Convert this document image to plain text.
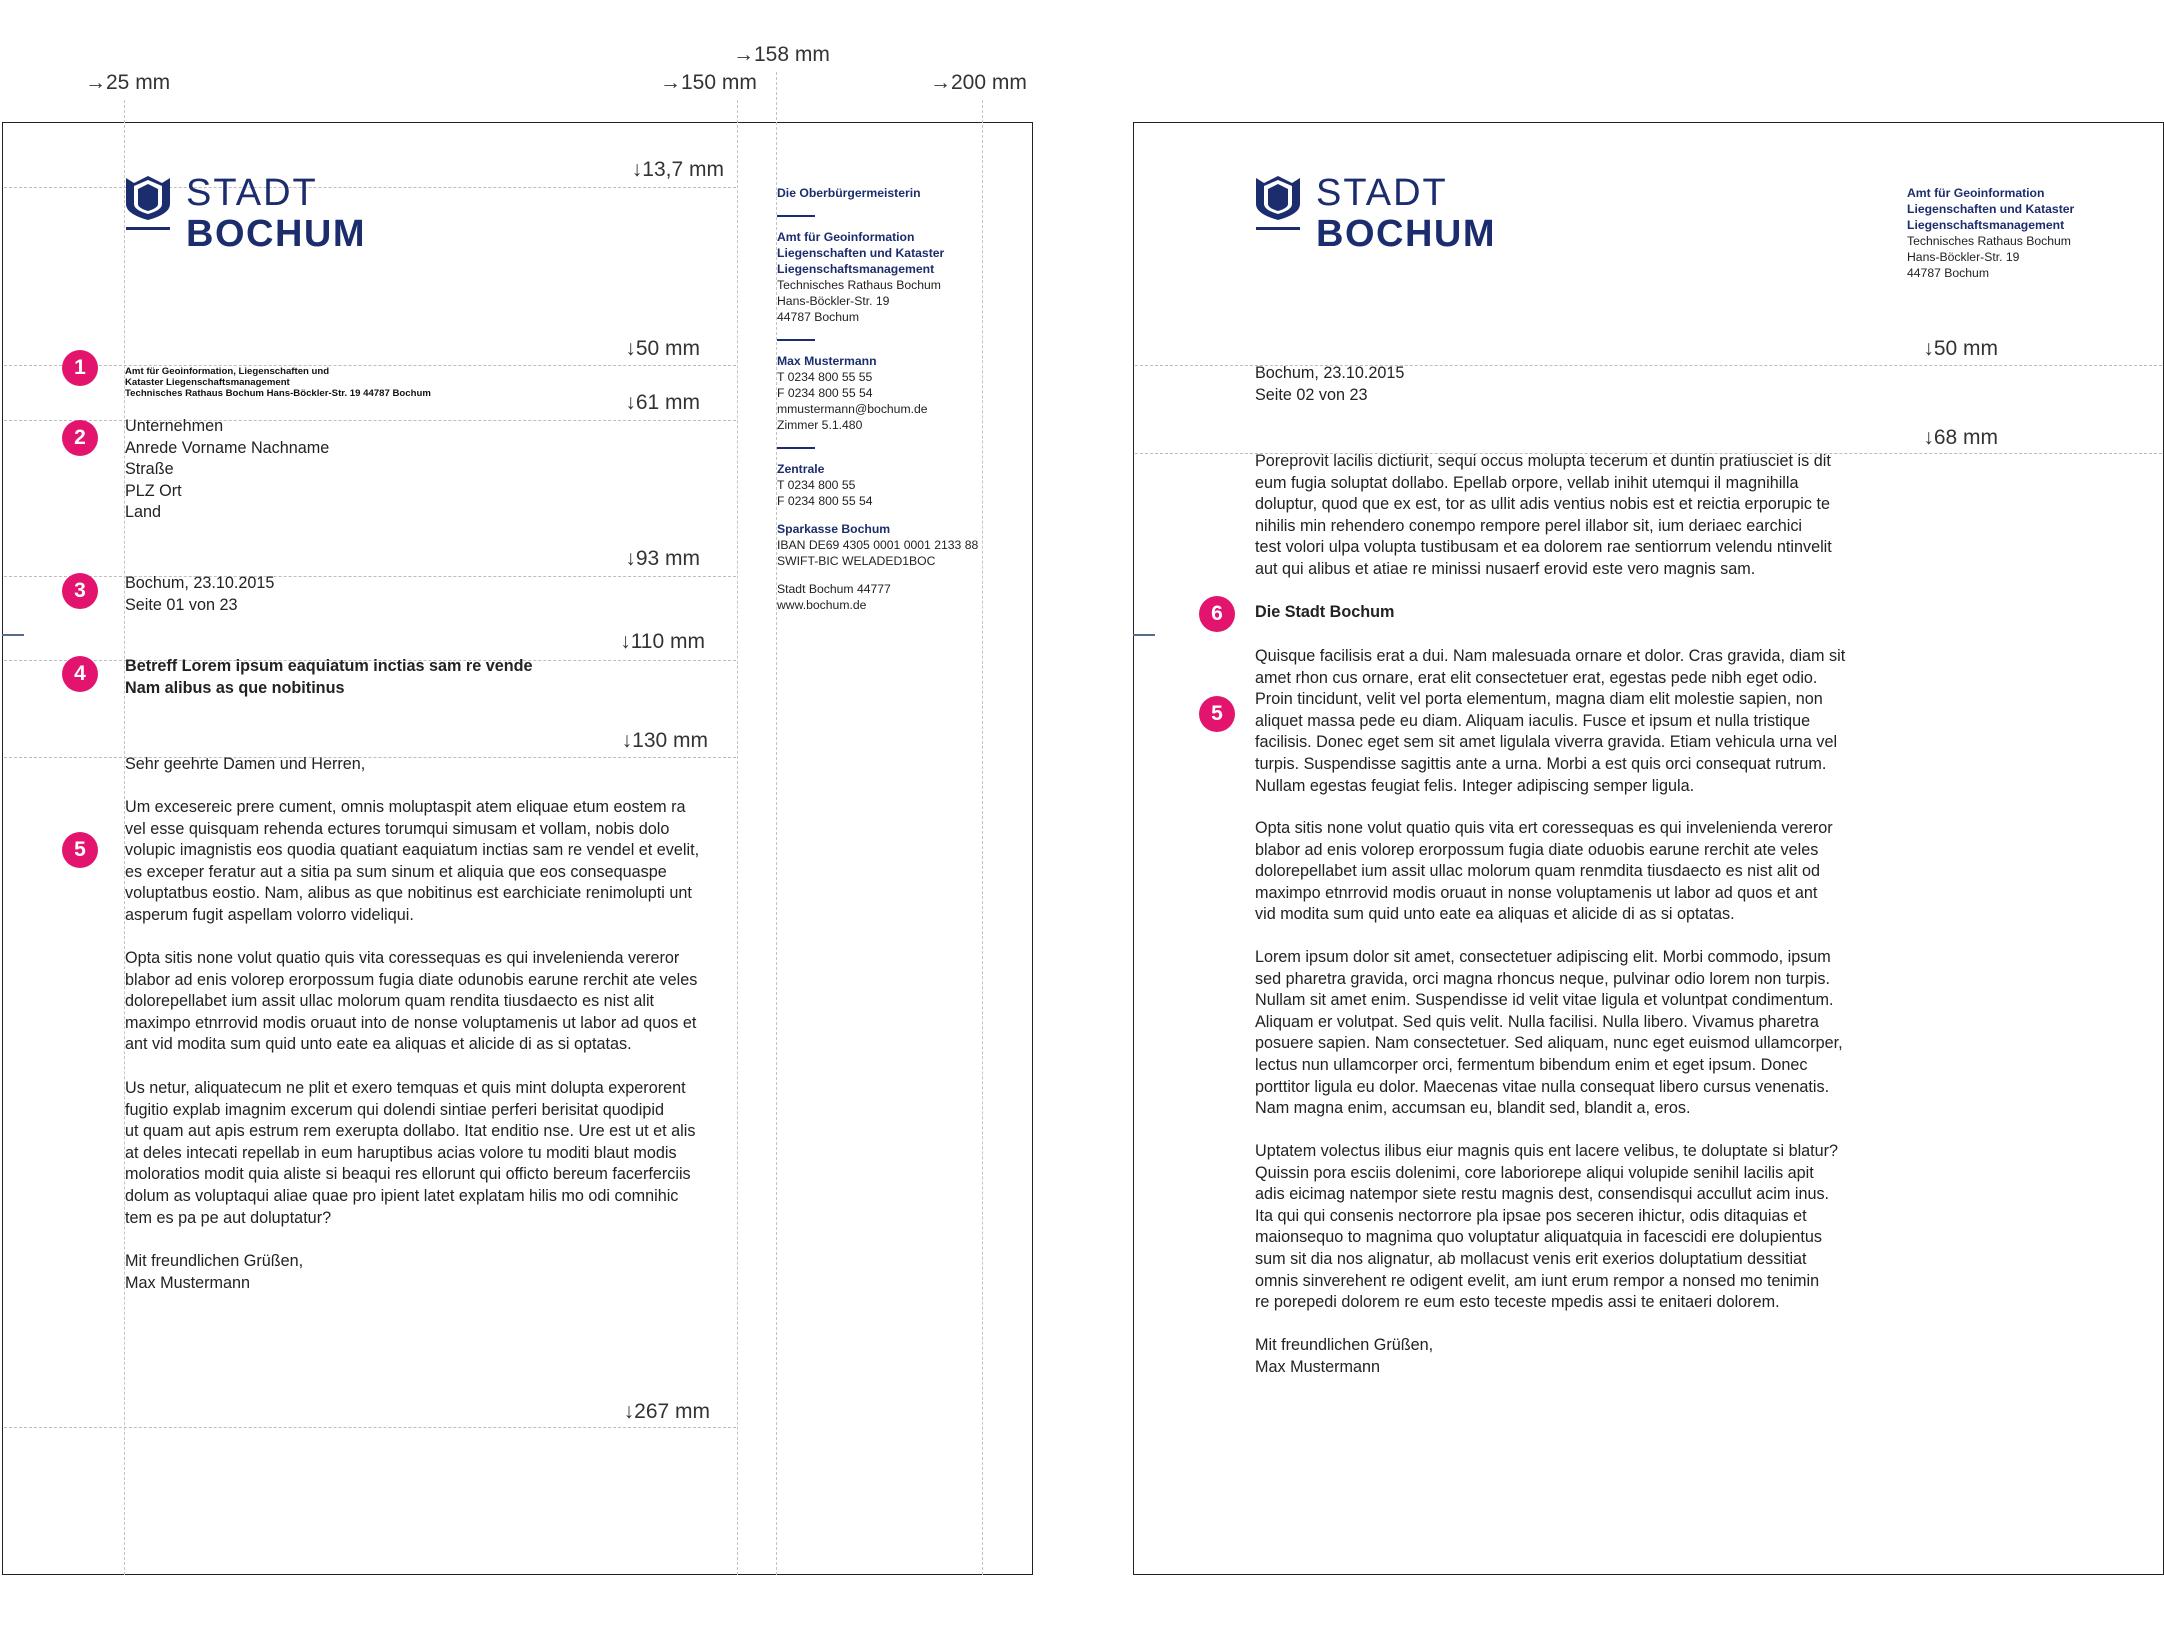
→25 mm	→150 mm
→158 mm
→200 mm
↓13,7 mm
↓50 mm
↓61 mm
↓93 mm
↓110 mm
↓130 mm
↓267 mm
STADT
BOCHUM
1
2
3
4
5
Amt für Geoinformation, Liegenschaften und
Kataster Liegenschaftsmanagement
Technisches Rathaus Bochum Hans-Böckler-Str. 19 44787 Bochum
Unternehmen
Anrede Vorname Nachname
Straße
PLZ Ort
Land
Bochum, 23.10.2015
Seite 01 von 23
Betreff Lorem ipsum eaquiatum inctias sam re vende
Nam alibus as que nobitinus
Sehr geehrte Damen und Herren,
Um excesereic prere cument, omnis moluptaspit atem eliquae etum eostem ra
vel esse quisquam rehenda ectures torumqui simusam et vollam, nobis dolo
volupic imagnistis eos quodia quatiant eaquiatum inctias sam re vendel et evelit,
es exceper feratur aut a sitia pa sum sinum et aliquia que eos consequaspe
voluptatbus eostio. Nam, alibus as que nobitinus est earchiciate renimolupti unt
asperum fugit aspellam volorro videliqui.
Opta sitis none volut quatio quis vita coressequas es qui invelenienda vereror
blabor ad enis volorep erorpossum fugia diate odunobis earune rerchit ate veles
dolorepellabet ium assit ullac molorum quam rendita tiusdaecto es nist alit
maximpo etnrrovid modis oruaut into de nonse voluptamenis ut labor ad quos et
ant vid modita sum quid unto eate ea aliquas et alicide di as si optatas.
Us netur, aliquatecum ne plit et exero temquas et quis mint dolupta experorent
fugitio explab imagnim excerum qui dolendi sintiae perferi berisitat quodipid
ut quam aut apis estrum rem exerupta dollabo. Itat enditio nse. Ure est ut et alis
at deles intecati repellab in eum haruptibus acias volore tu moditi blaut modis
moloratios modit quia aliste si beaqui res ellorunt qui officto bereum facerferciis
dolum as voluptaqui aliae quae pro ipient latet explatam hilis mo odi comnihic
tem es pa pe aut doluptatur?
Mit freundlichen Grüßen,
Max Mustermann

Die Oberbürgermeisterin

Amt für Geoinformation
Liegenschaften und Kataster
Liegenschaftsmanagement

Technisches Rathaus Bochum
Hans-Böckler-Str. 19
44787 Bochum

Max Mustermann

T 0234 800 55 55
F 0234 800 55 54
mmustermann@bochum.de
Zimmer 5.1.480

Zentrale

T 0234 800 55
F 0234 800 55 54

Sparkasse Bochum

IBAN DE69 4305 0001 0001 2133 88
SWIFT-BIC WELADED1BOC

Stadt Bochum 44777
www.bochum.de

↓50 mm
↓68 mm
STADT
BOCHUM

Amt für Geoinformation
Liegenschaften und Kataster
Liegenschaftsmanagement

Technisches Rathaus Bochum
Hans-Böckler-Str. 19
44787 Bochum

6
5
Bochum, 23.10.2015
Seite 02 von 23
Poreprovit lacilis dictiurit, sequi occus molupta tecerum et duntin pratiusciet is dit
eum fugia soluptat dollabo. Epellab orpore, vellab inihit utemqui il magnihilla
doluptur, quod que ex est, tor as ullit adis ventius nobis est et reictia erporupic te
nihilis min rehendero conempo rempore perel illabor sit, ium deriaec earchici
test volori ulpa volupta tustibusam et ea dolorem rae sentiorrum velendu ntinvelit
aut qui alibus et atiae re minissi nusaerf erovid este vero magnis sam.
Die Stadt Bochum
Quisque facilisis erat a dui. Nam malesuada ornare et dolor. Cras gravida, diam sit
amet rhon cus ornare, erat elit consectetuer erat, egestas pede nibh eget odio.
Proin tincidunt, velit vel porta elementum, magna diam elit molestie sapien, non
aliquet massa pede eu diam. Aliquam iaculis. Fusce et ipsum et nulla tristique
facilisis. Donec eget sem sit amet ligulala viverra gravida. Etiam vehicula urna vel
turpis. Suspendisse sagittis ante a urna. Morbi a est quis orci consequat rutrum.
Nullam egestas feugiat felis. Integer adipiscing semper ligula.
Opta sitis none volut quatio quis vita ert coressequas es qui invelenienda vereror
blabor ad enis volorep erorpossum fugia diate oduobis earune rerchit ate veles
dolorepellabet ium assit ullac molorum quam renmdita tiusdaecto es nist alit od
maximpo etnrrovid modis oruaut in nonse voluptamenis ut labor ad quos et ant
vid modita sum quid unto eate ea aliquas et alicide di as si optatas.
Lorem ipsum dolor sit amet, consectetuer adipiscing elit. Morbi commodo, ipsum
sed pharetra gravida, orci magna rhoncus neque, pulvinar odio lorem non turpis.
Nullam sit amet enim. Suspendisse id velit vitae ligula et voluntpat condimentum.
Aliquam er volutpat. Sed quis velit. Nulla facilisi. Nulla libero. Vivamus pharetra
posuere sapien. Nam consectetuer. Sed aliquam, nunc eget euismod ullamcorper,
lectus nun ullamcorper orci, fermentum bibendum enim et eget ipsum. Donec
porttitor ligula eu dolor. Maecenas vitae nulla consequat libero cursus venenatis.
Nam magna enim, accumsan eu, blandit sed, blandit a, eros.
Uptatem volectus ilibus eiur magnis quis ent lacere velibus, te doluptate si blatur?
Quissin pora esciis dolenimi, core laboriorepe aliqui volupide senihil lacilis apit
adis eicimag natempor siete restu magnis dest, consendisqui accullut acim inus.
Ita qui qui consenis nectorrore pla ipsae pos seceren ihictur, odis ditaquias et
maionsequo to magnima quo voluptatur aliquatquia in facescidi ere dolupientus
sum sit dia nos alignatur, ab mollacust venis erit exerios doluptatium dessitiat
omnis sinverehent re odigent evelit, am iunt erum rempor a nonsed mo tenimin
re porepedi dolorem re eum esto teceste mpedis assi te enitaeri dolorem.
Mit freundlichen Grüßen,
Max Mustermann
